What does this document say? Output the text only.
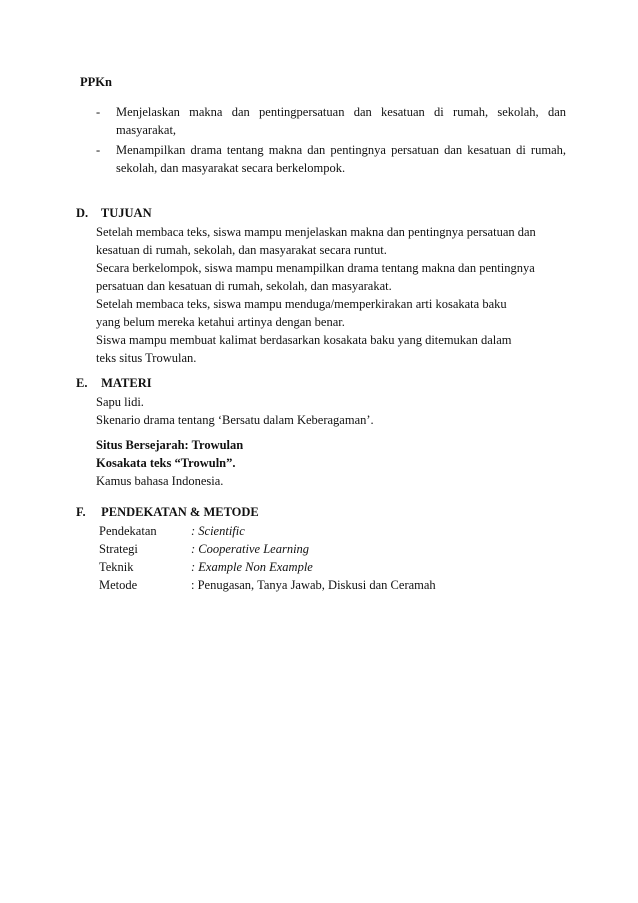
PPKn
-	Menjelaskan makna dan pentingpersatuan dan kesatuan di rumah, sekolah, dan masyarakat,
-	Menampilkan drama tentang makna dan pentingnya persatuan dan kesatuan di rumah, sekolah, dan masyarakat secara berkelompok.
D. TUJUAN
Setelah membaca teks, siswa mampu menjelaskan makna dan pentingnya persatuan dan
kesatuan di rumah, sekolah, dan masyarakat secara runtut.
Secara berkelompok, siswa mampu menampilkan drama tentang makna dan pentingnya
persatuan dan kesatuan di rumah, sekolah, dan masyarakat.
Setelah membaca teks, siswa mampu menduga/memperkirakan arti kosakata baku
yang belum mereka ketahui artinya dengan benar.
Siswa mampu membuat kalimat berdasarkan kosakata baku yang ditemukan dalam
teks situs Trowulan.
E. MATERI
Sapu lidi.
Skenario drama tentang ‘Bersatu dalam Keberagaman’.
Situs Bersejarah: Trowulan
Kosakata teks “Trowuln”.
Kamus bahasa Indonesia.
F. PENDEKATAN & METODE
Pendekatan	: Scientific
Strategi	: Cooperative Learning
Teknik	: Example Non Example
Metode	: Penugasan, Tanya Jawab, Diskusi dan Ceramah
